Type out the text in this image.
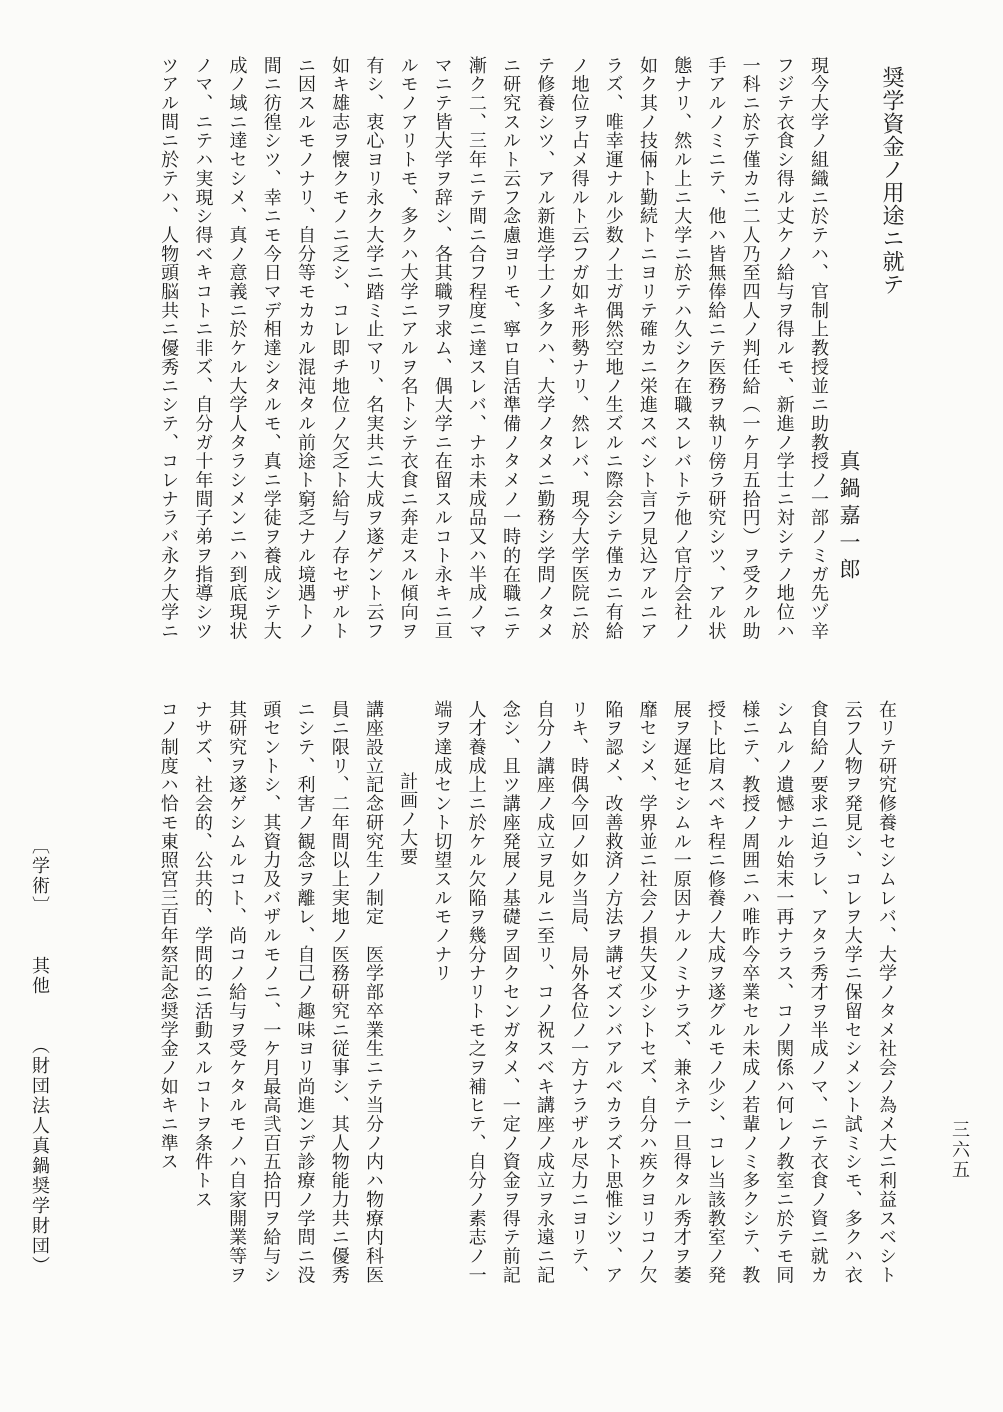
奨学資金ノ用途ニ就テ
真鍋嘉一郎
現今大学ノ組織ニ於テハ、官制上教授並ニ助教授ノ一部ノミガ先ヅ辛
フジテ衣食シ得ル丈ケノ給与ヲ得ルモ、新進ノ学士ニ対シテノ地位ハ
一科ニ於テ僅カニ二人乃至四人ノ判任給（一ケ月五拾円）ヲ受クル助
手アルノミニテ、他ハ皆無俸給ニテ医務ヲ執リ傍ラ研究シツ、アル状
態ナリ、然ル上ニ大学ニ於テハ久シク在職スレバトテ他ノ官庁会社ノ
如ク其ノ技倆ト勤続トニヨリテ確カニ栄進スベシト言フ見込アルニア
ラズ、唯幸運ナル少数ノ士ガ偶然空地ノ生ズルニ際会シテ僅カニ有給
ノ地位ヲ占メ得ルト云フガ如キ形勢ナリ、然レバ、現今大学医院ニ於
テ修養シツ、アル新進学士ノ多クハ、大学ノタメニ勤務シ学問ノタメ
ニ研究スルト云フ念慮ヨリモ、寧ロ自活準備ノタメノ一時的在職ニテ
漸ク二、三年ニテ間ニ合フ程度ニ達スレバ、ナホ未成品又ハ半成ノマ
マニテ皆大学ヲ辞シ、各其職ヲ求ム、偶大学ニ在留スルコト永キニ亘
ルモノアリトモ、多クハ大学ニアルヲ名トシテ衣食ニ奔走スル傾向ヲ
有シ、衷心ヨリ永ク大学ニ踏ミ止マリ、名実共ニ大成ヲ遂ゲント云フ
如キ雄志ヲ懐クモノニ乏シ、コレ即チ地位ノ欠乏ト給与ノ存セザルト
ニ因スルモノナリ、自分等モカカル混沌タル前途ト窮乏ナル境遇トノ
間ニ彷徨シツ、幸ニモ今日マデ相達シタルモ、真ニ学徒ヲ養成シテ大
成ノ域ニ達セシメ、真ノ意義ニ於ケル大学人タラシメンニハ到底現状
ノマ、ニテハ実現シ得ベキコトニ非ズ、自分ガ十年間子弟ヲ指導シツ
ツアル間ニ於テハ、人物頭脳共ニ優秀ニシテ、コレナラバ永ク大学ニ
在リテ研究修養セシムレバ、大学ノタメ社会ノ為メ大ニ利益スベシト
云フ人物ヲ発見シ、コレヲ大学ニ保留セシメント試ミシモ、多クハ衣
食自給ノ要求ニ迫ラレ、アタラ秀才ヲ半成ノマ、ニテ衣食ノ資ニ就カ
シムルノ遺憾ナル始末一再ナラス、コノ関係ハ何レノ教室ニ於テモ同
様ニテ、教授ノ周囲ニハ唯昨今卒業セル未成ノ若輩ノミ多クシテ、教
授ト比肩スベキ程ニ修養ノ大成ヲ遂グルモノ少シ、コレ当該教室ノ発
展ヲ遅延セシムル一原因ナルノミナラズ、兼ネテ一旦得タル秀才ヲ萎
靡セシメ、学界並ニ社会ノ損失又少シトセズ、自分ハ疾クヨリコノ欠
陥ヲ認メ、改善救済ノ方法ヲ講ゼズンバアルベカラズト思惟シツ、ア
リキ、時偶今回ノ如ク当局、局外各位ノ一方ナラザル尽力ニヨリテ、
自分ノ講座ノ成立ヲ見ルニ至リ、コノ祝スベキ講座ノ成立ヲ永遠ニ記
念シ、且ツ講座発展ノ基礎ヲ固クセンガタメ、一定ノ資金ヲ得テ前記
人才養成上ニ於ケル欠陥ヲ幾分ナリトモ之ヲ補ヒテ、自分ノ素志ノ一
端ヲ達成セント切望スルモノナリ
計画ノ大要
講座設立記念研究生ノ制定　医学部卒業生ニテ当分ノ内ハ物療内科医
員ニ限リ、二年間以上実地ノ医務研究ニ従事シ、其人物能力共ニ優秀
ニシテ、利害ノ観念ヲ離レ、自己ノ趣味ヨリ尚進ンデ診療ノ学問ニ没
頭セントシ、其資力及バザルモノニ、一ケ月最高弐百五拾円ヲ給与シ
其研究ヲ遂ゲシムルコト、尚コノ給与ヲ受ケタルモノハ自家開業等ヲ
ナサズ、社会的、公共的、学問的ニ活動スルコトヲ条件トス
コノ制度ハ恰モ東照宮三百年祭記念奨学金ノ如キニ準ス
〔学術〕其他（財団法人真鍋奨学財団）	三六五
